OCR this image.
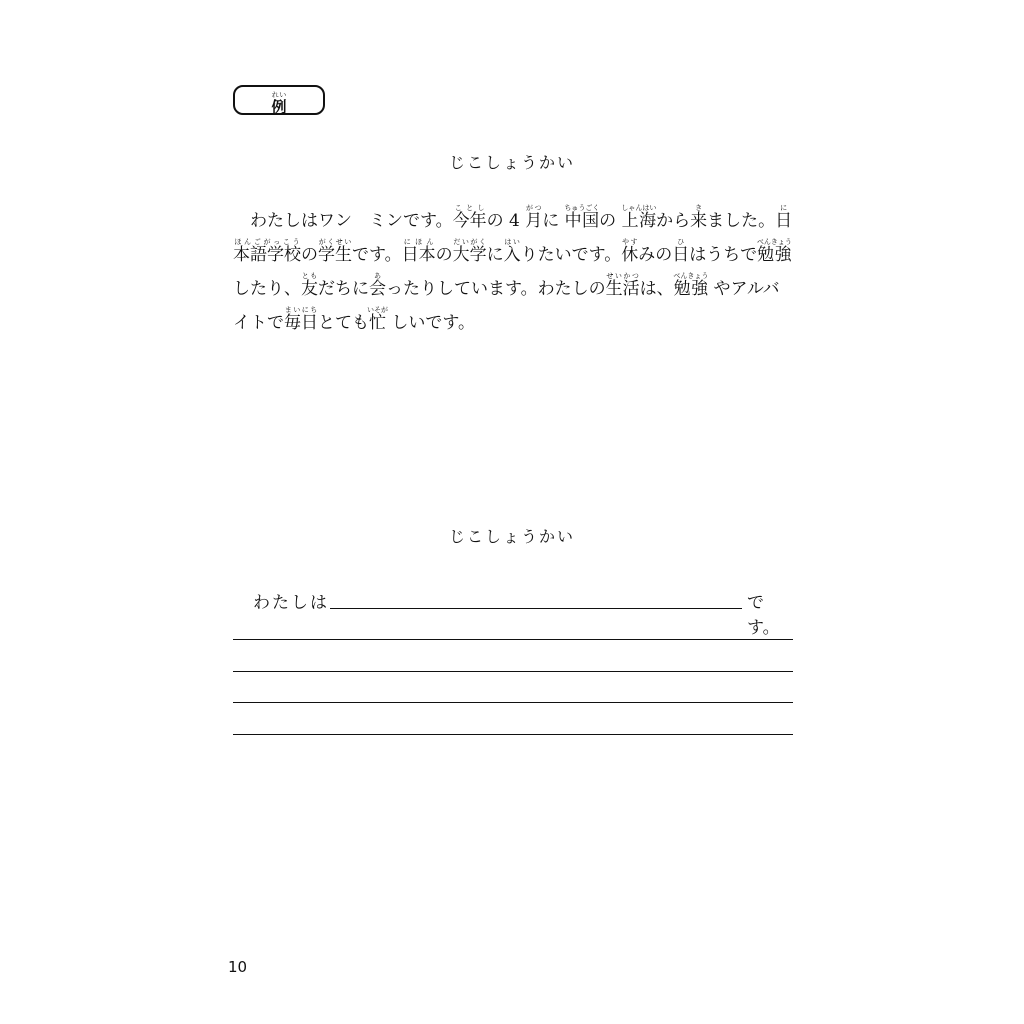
例れい
じこしょうかい

わたしはワン　ミンです。今年ことしの 4 月がつに 中国ちゅうごくの 上海しゃんはいから来きました。日本語学校にほんごがっこうの学生がくせいです。日本にほんの大学だいがくに入はいりたいです。休やすみの日ひはうちで勉強べんきょう したり、友ともだちに会あったりしています。わたしの生活せいかつは、勉強べんきょう やアルバイトで毎日まいにちとても忙いそが しいです。

じこしょうかい
わたしは	です。
10
